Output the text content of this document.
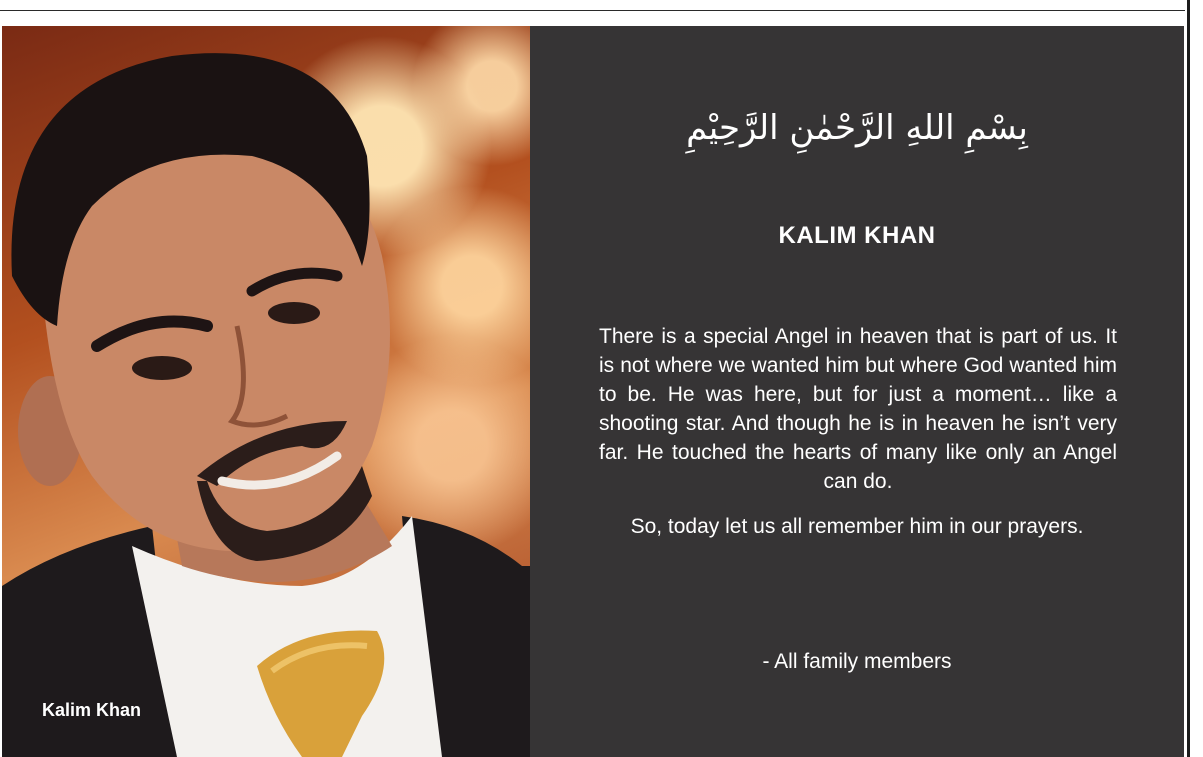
Kalim Khan
بِسْمِ اللهِ الرَّحْمٰنِ الرَّحِيْمِ
KALIM KHAN
There is a special Angel in heaven that is part of us. It is not where we wanted him but where God wanted him to be. He was here, but for just a moment… like a shooting star. And though he is in heaven he isn’t very far. He touched the hearts of many like only an Angel can do.
So, today let us all remember him in our prayers.
- All family members
